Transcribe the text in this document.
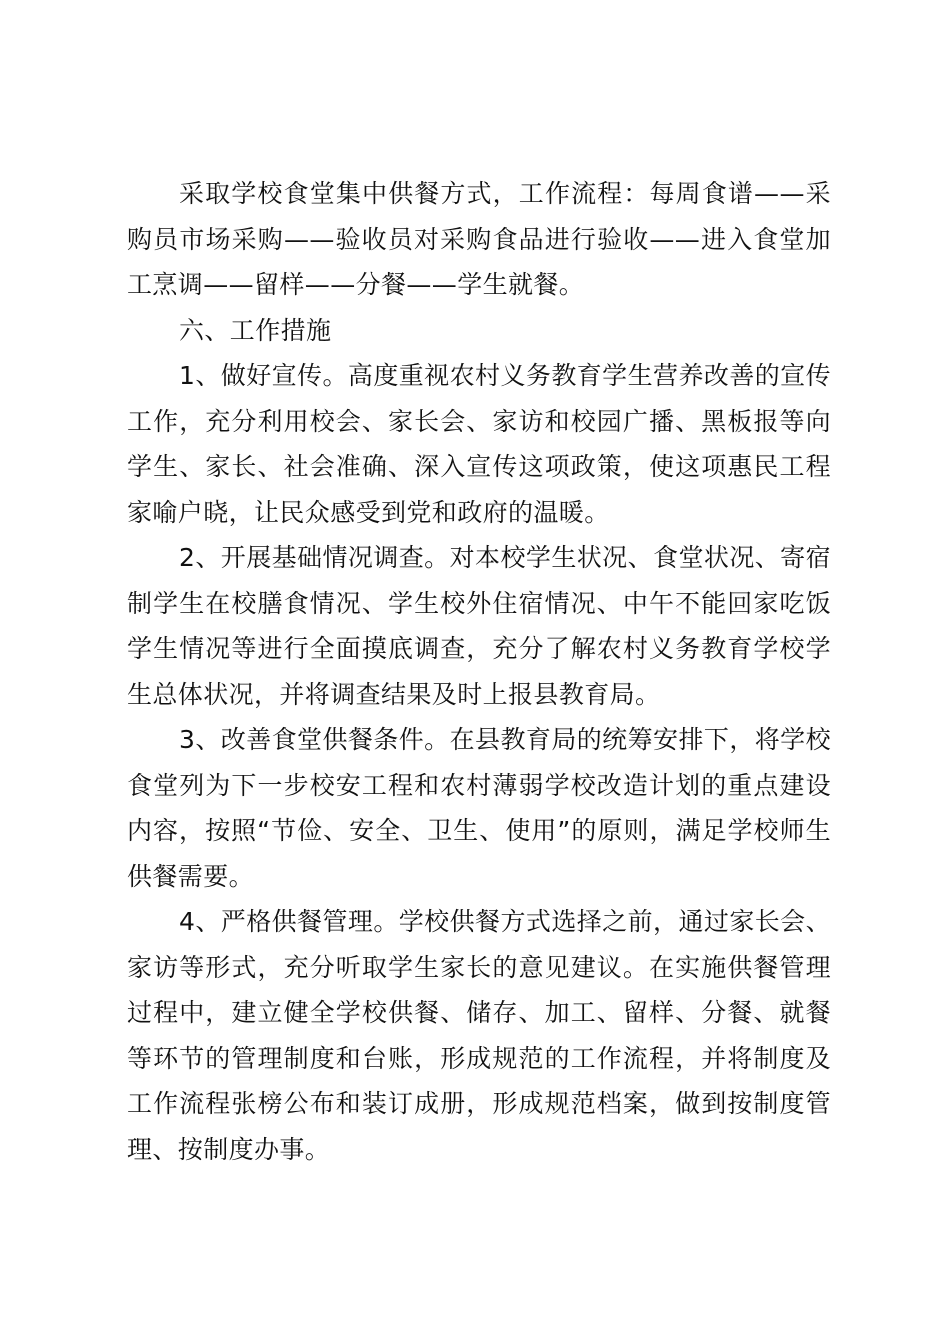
采取学校食堂集中供餐方式，工作流程：每周食谱——采购员市场采购——验收员对采购食品进行验收——进入食堂加工烹调——留样——分餐——学生就餐。

六、工作措施

1、做好宣传。高度重视农村义务教育学生营养改善的宣传工作，充分利用校会、家长会、家访和校园广播、黑板报等向学生、家长、社会准确、深入宣传这项政策，使这项惠民工程家喻户晓，让民众感受到党和政府的温暖。

2、开展基础情况调查。对本校学生状况、食堂状况、寄宿制学生在校膳食情况、学生校外住宿情况、中午不能回家吃饭学生情况等进行全面摸底调查，充分了解农村义务教育学校学生总体状况，并将调查结果及时上报县教育局。

3、改善食堂供餐条件。在县教育局的统筹安排下，将学校食堂列为下一步校安工程和农村薄弱学校改造计划的重点建设内容，按照“节俭、安全、卫生、使用”的原则，满足学校师生供餐需要。

4、严格供餐管理。学校供餐方式选择之前，通过家长会、家访等形式，充分听取学生家长的意见建议。在实施供餐管理过程中，建立健全学校供餐、储存、加工、留样、分餐、就餐等环节的管理制度和台账，形成规范的工作流程，并将制度及工作流程张榜公布和装订成册，形成规范档案，做到按制度管理、按制度办事。
